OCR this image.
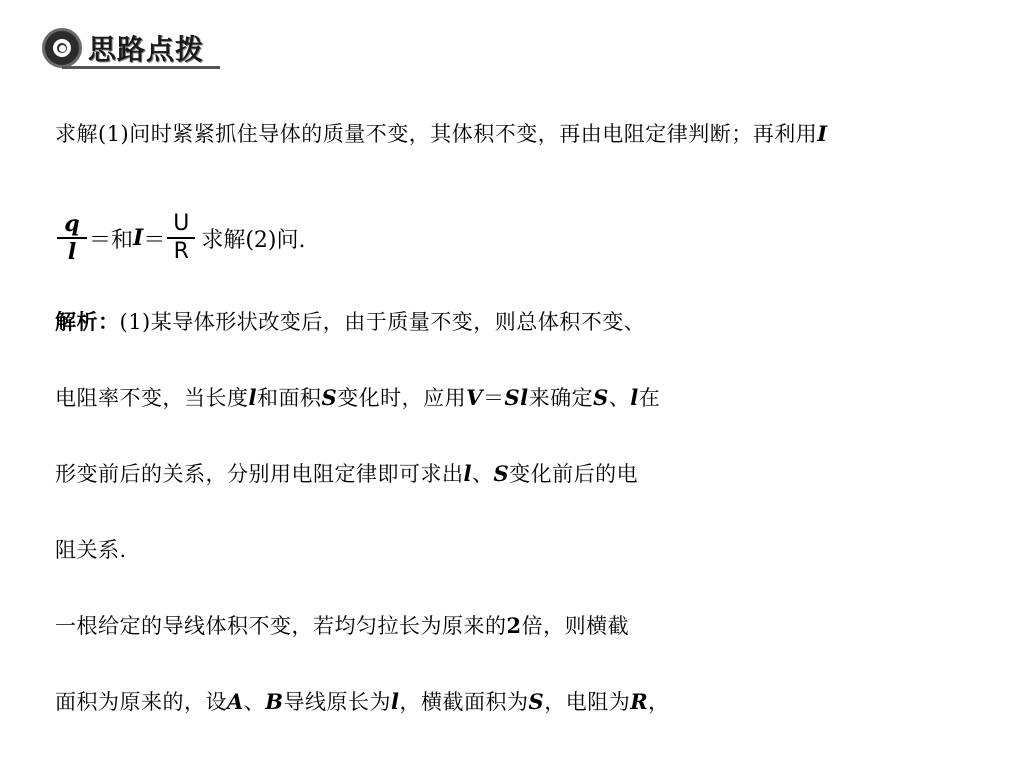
思路点拨
求解(1)问时紧紧抓住导体的质量不变，其体积不变，再由电阻定律判断；再利用I
$\frac{q}{l}$ ＝和 $I = \frac{U}{R}$ 求解(2)问.
解析：(1)某导体形状改变后，由于质量不变，则总体积不变、
电阻率不变，当长度l和面积S变化时，应用V＝Sl来确定S、l在
形变前后的关系，分别用电阻定律即可求出l、S变化前后的电
阻关系.
一根给定的导线体积不变，若均匀拉长为原来的2倍，则横截
面积为原来的，设A、B导线原长为l，横截面积为S，电阻为R，
